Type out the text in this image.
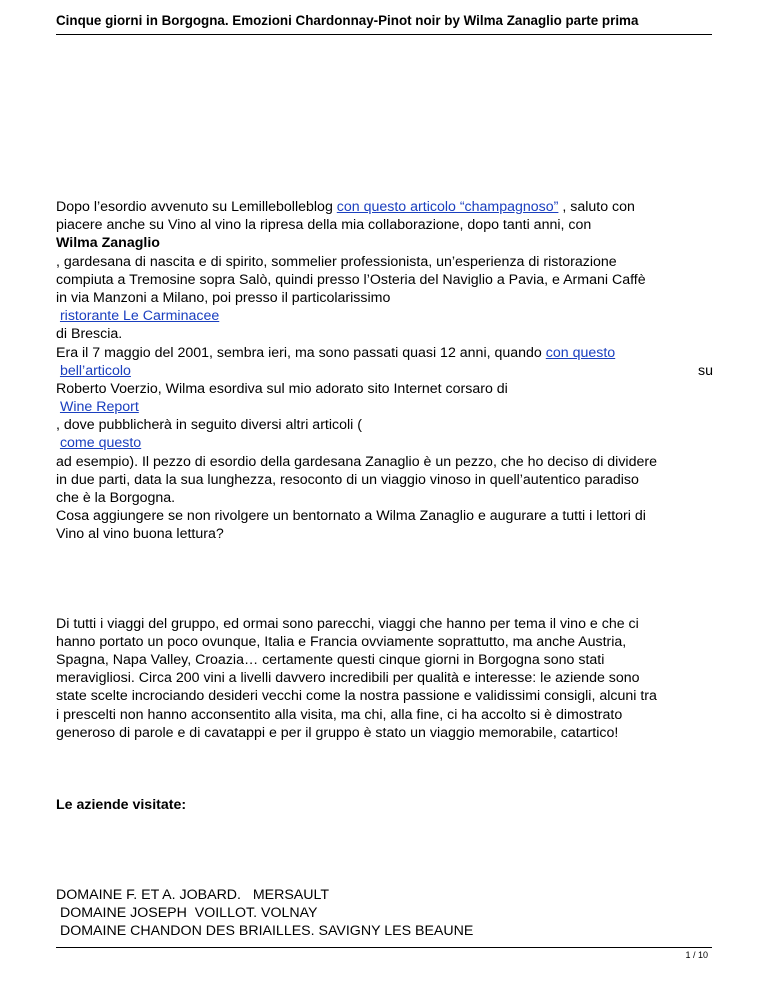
Cinque giorni in Borgogna. Emozioni Chardonnay-Pinot noir by Wilma Zanaglio parte prima
Dopo l’esordio avvenuto su Lemillebolleblog con questo articolo “champagnoso” , saluto con
piacere anche su Vino al vino la ripresa della mia collaborazione, dopo tanti anni, con
Wilma Zanaglio
, gardesana di nascita e di spirito, sommelier professionista, un’esperienza di ristorazione
compiuta a Tremosine sopra Salò, quindi presso l’Osteria del Naviglio a Pavia, e Armani Caffè
in via Manzoni a Milano, poi presso il particolarissimo
ristorante Le Carminacee
di Brescia.
Era il 7 maggio del 2001, sembra ieri, ma sono passati quasi 12 anni, quando con questo
bell’articolo	su
Roberto Voerzio, Wilma esordiva sul mio adorato sito Internet corsaro di
Wine Report
, dove pubblicherà in seguito diversi altri articoli (
come questo
ad esempio). Il pezzo di esordio della gardesana Zanaglio è un pezzo, che ho deciso di dividere
in due parti, data la sua lunghezza, resoconto di un viaggio vinoso in quell’autentico paradiso
che è la Borgogna.
Cosa aggiungere se non rivolgere un bentornato a Wilma Zanaglio e augurare a tutti i lettori di
Vino al vino buona lettura?
Di tutti i viaggi del gruppo, ed ormai sono parecchi, viaggi che hanno per tema il vino e che ci
hanno portato un poco ovunque, Italia e Francia ovviamente soprattutto, ma anche Austria,
Spagna, Napa Valley, Croazia… certamente questi cinque giorni in Borgogna sono stati
meravigliosi. Circa 200 vini a livelli davvero incredibili per qualità e interesse: le aziende sono
state scelte incrociando desideri vecchi come la nostra passione e validissimi consigli, alcuni tra
i prescelti non hanno acconsentito alla visita, ma chi, alla fine, ci ha accolto si è dimostrato
generoso di parole e di cavatappi e per il gruppo è stato un viaggio memorabile, catartico!
Le aziende visitate:
DOMAINE F. ET A. JOBARD.   MERSAULT
DOMAINE JOSEPH  VOILLOT. VOLNAY
DOMAINE CHANDON DES BRIAILLES. SAVIGNY LES BEAUNE
1 / 10
